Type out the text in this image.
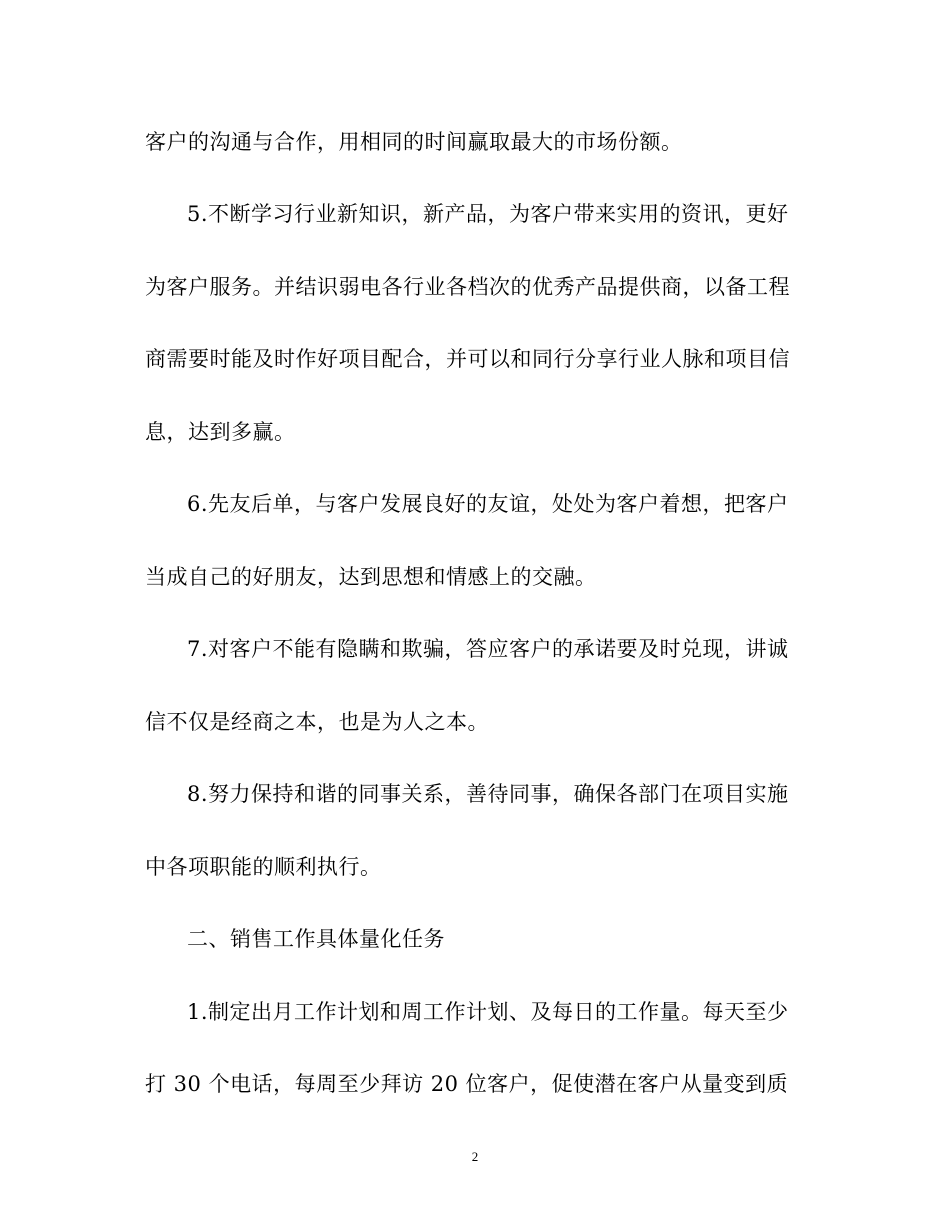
客户的沟通与合作，用相同的时间赢取最大的市场份额。
5.不断学习行业新知识，新产品，为客户带来实用的资讯，更好
为客户服务。并结识弱电各行业各档次的优秀产品提供商，以备工程
商需要时能及时作好项目配合，并可以和同行分享行业人脉和项目信
息，达到多赢。
6.先友后单，与客户发展良好的友谊，处处为客户着想，把客户
当成自己的好朋友，达到思想和情感上的交融。
7.对客户不能有隐瞒和欺骗，答应客户的承诺要及时兑现，讲诚
信不仅是经商之本，也是为人之本。
8.努力保持和谐的同事关系，善待同事，确保各部门在项目实施
中各项职能的顺利执行。
二、销售工作具体量化任务
1.制定出月工作计划和周工作计划、及每日的工作量。每天至少
打 30 个电话，每周至少拜访 20 位客户，促使潜在客户从量变到质
2
